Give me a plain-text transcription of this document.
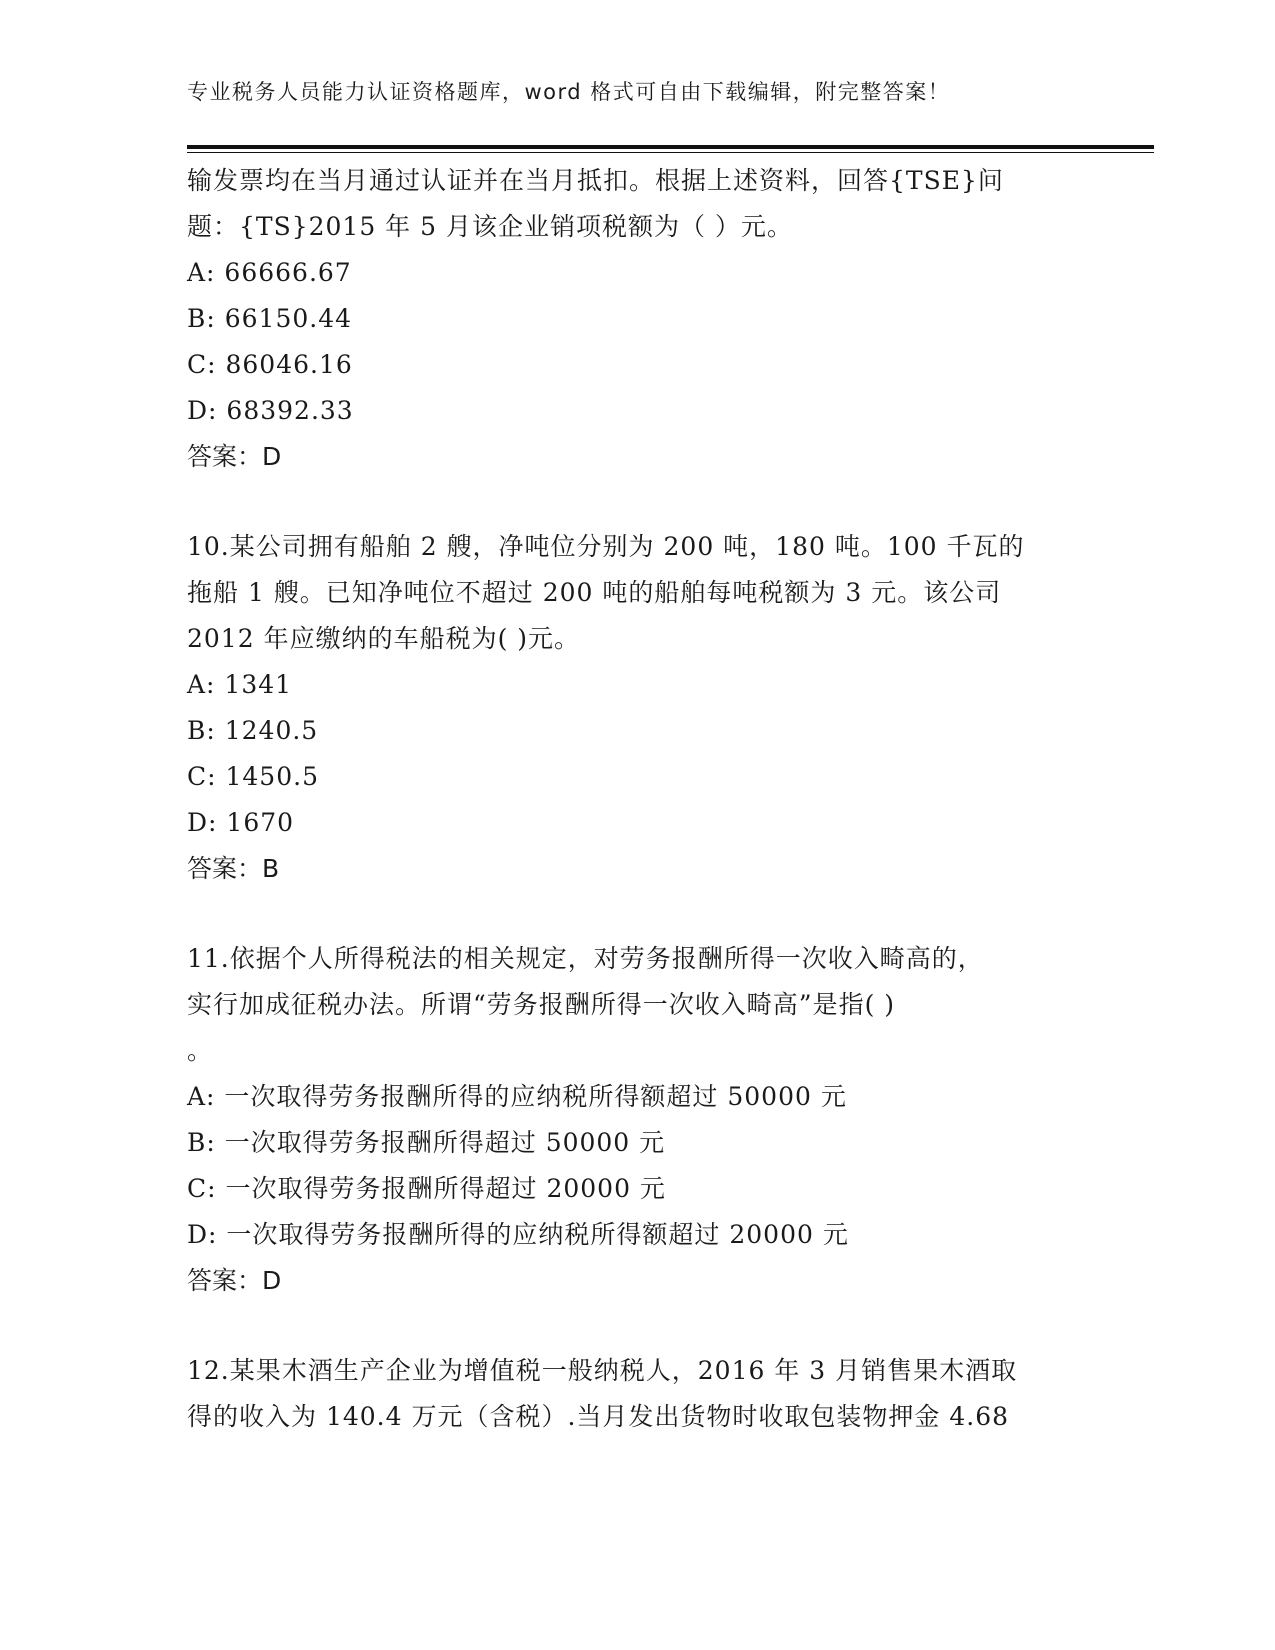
专业税务人员能力认证资格题库，word 格式可自由下载编辑，附完整答案！
输发票均在当月通过认证并在当月抵扣。根据上述资料，回答{TSE}问
题：{TS}2015 年 5 月该企业销项税额为（ ）元。
A: 66666.67
B: 66150.44
C: 86046.16
D: 68392.33
答案：D
10.某公司拥有船舶 2 艘，净吨位分别为 200 吨，180 吨。100 千瓦的
拖船 1 艘。已知净吨位不超过 200 吨的船舶每吨税额为 3 元。该公司
2012 年应缴纳的车船税为( )元。
A: 1341
B: 1240.5
C: 1450.5
D: 1670
答案：B
11.依据个人所得税法的相关规定，对劳务报酬所得一次收入畸高的，
实行加成征税办法。所谓“劳务报酬所得一次收入畸高”是指( )
。
A: 一次取得劳务报酬所得的应纳税所得额超过 50000 元
B: 一次取得劳务报酬所得超过 50000 元
C: 一次取得劳务报酬所得超过 20000 元
D: 一次取得劳务报酬所得的应纳税所得额超过 20000 元
答案：D
12.某果木酒生产企业为增值税一般纳税人，2016 年 3 月销售果木酒取
得的收入为 140.4 万元（含税）.当月发出货物时收取包装物押金 4.68
